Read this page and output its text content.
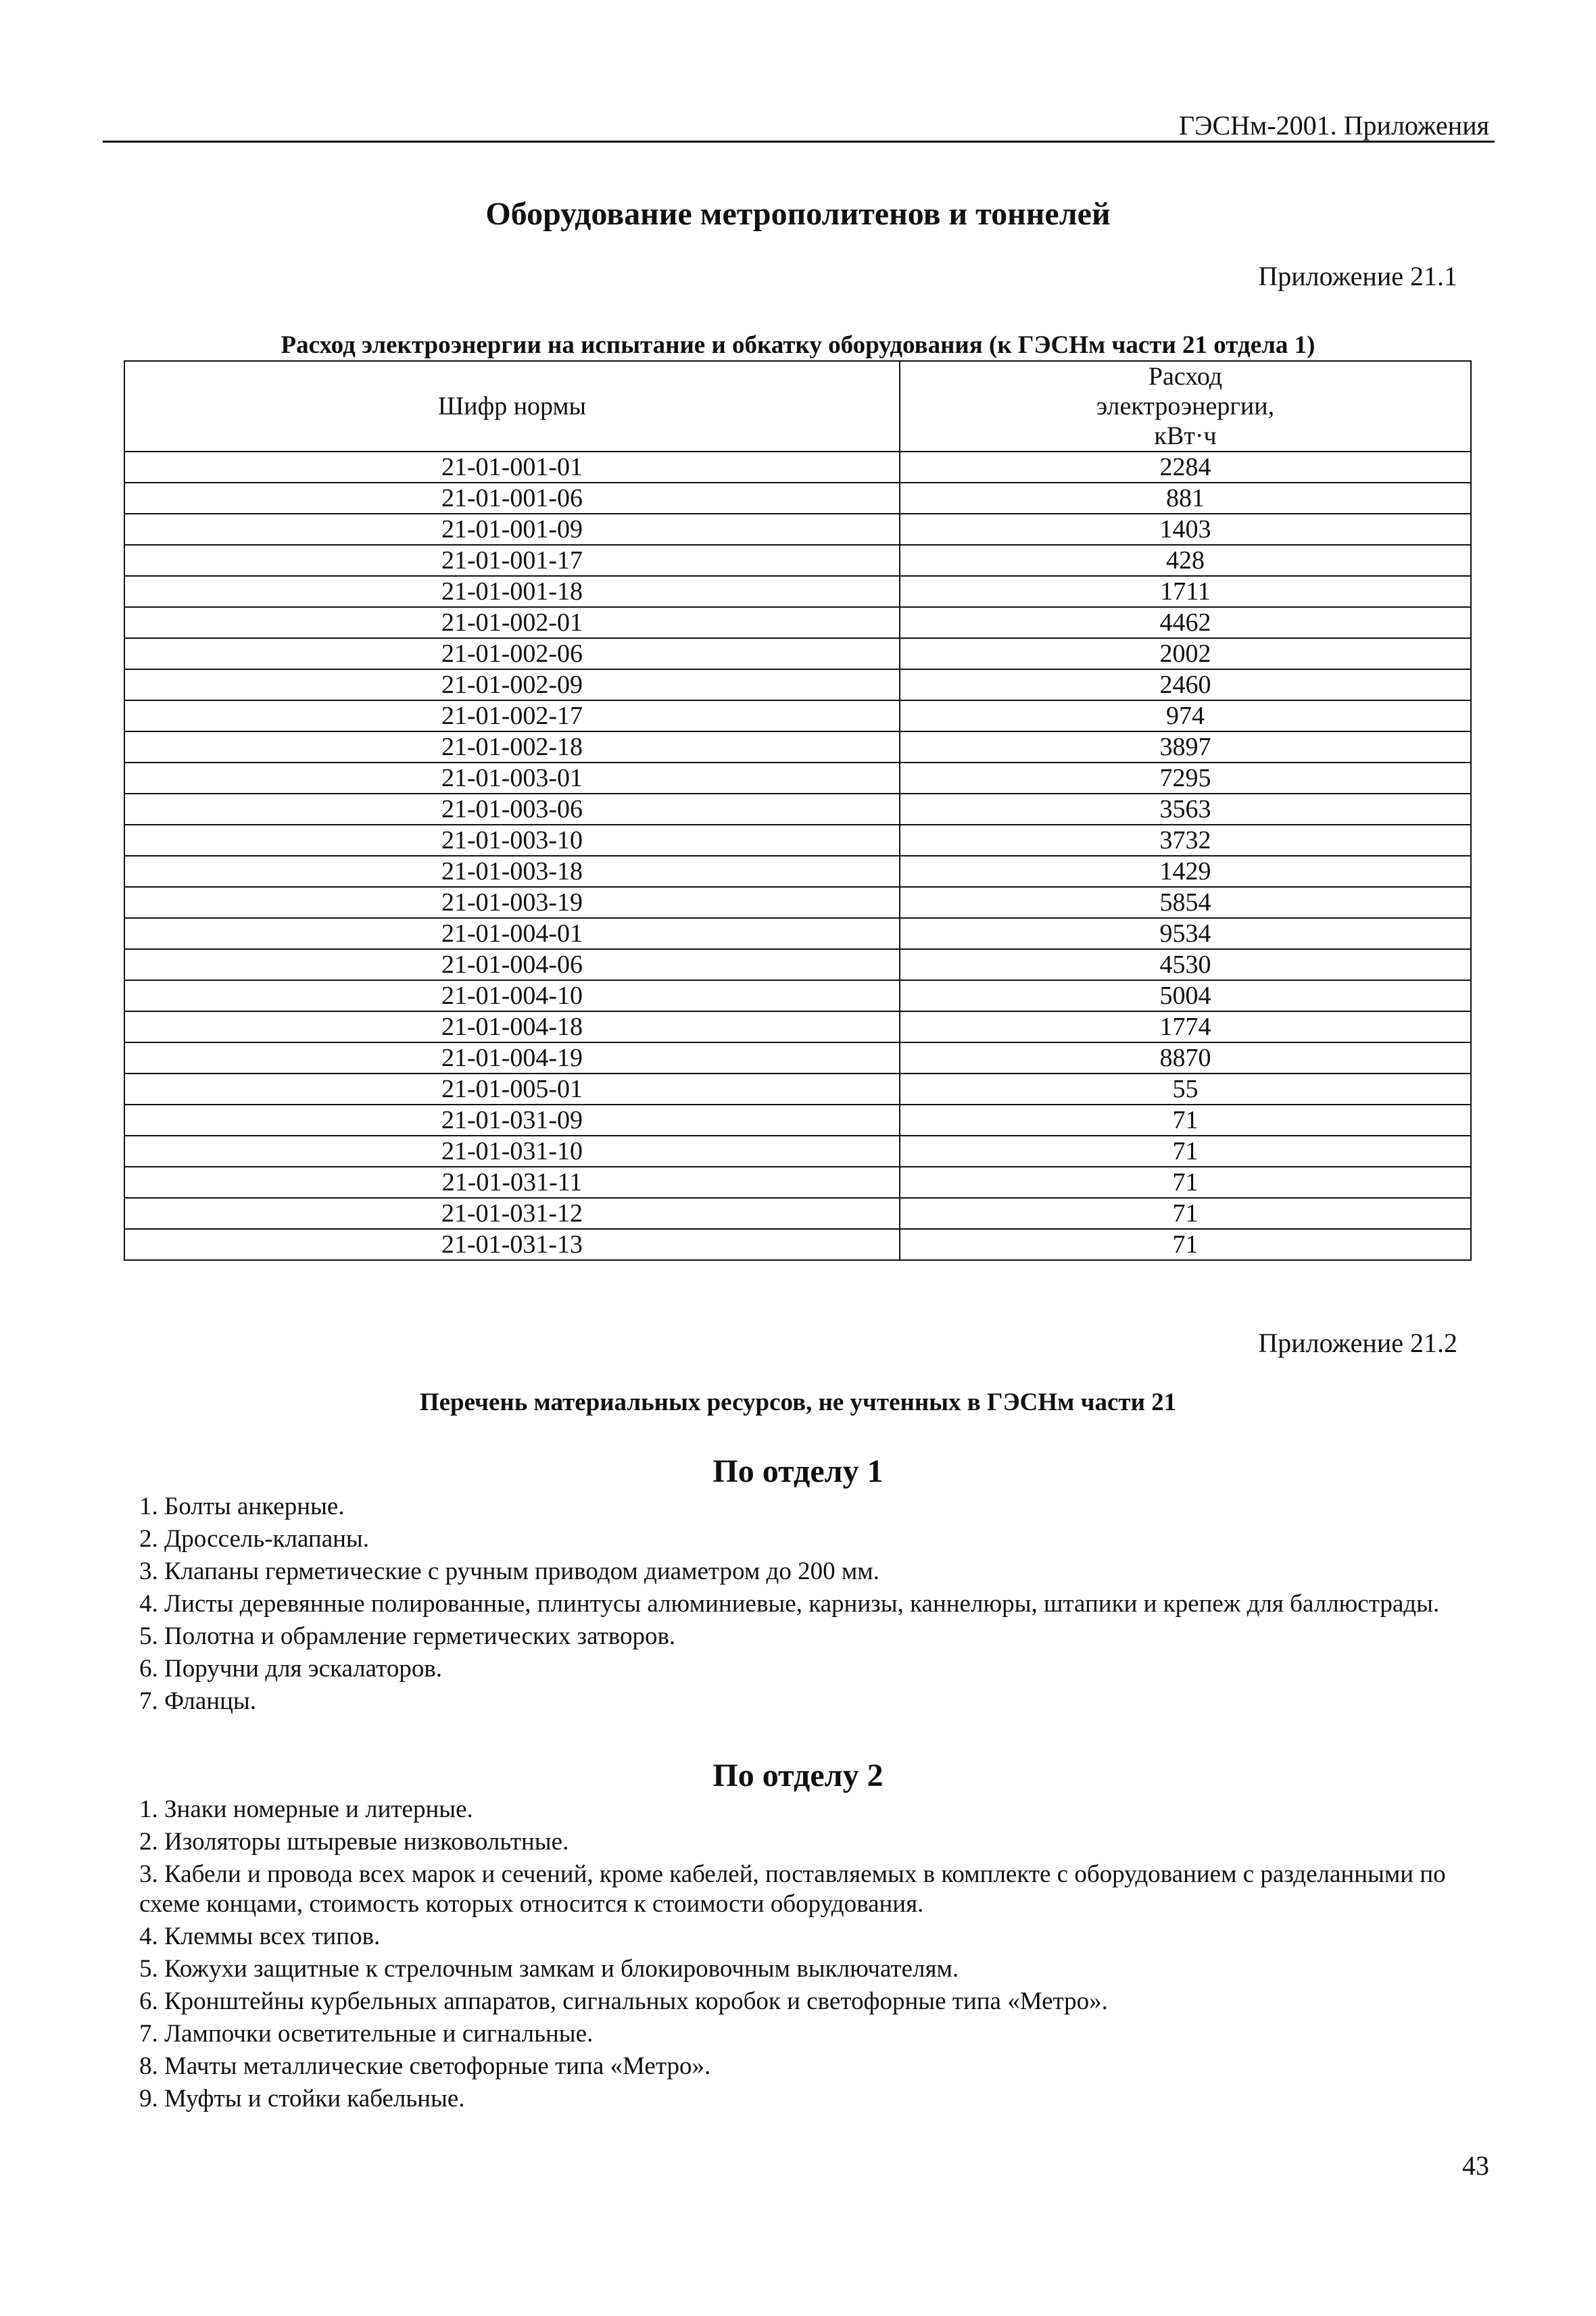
ГЭСНм-2001. Приложения
Оборудование метрополитенов и тоннелей
Приложение 21.1
Расход электроэнергии на испытание и обкатку оборудования (к ГЭСНм части 21 отдела 1)
Шифр нормы	Расход электроэнергии, кВт·ч
21-01-001-01	2284
21-01-001-06	881
21-01-001-09	1403
21-01-001-17	428
21-01-001-18	1711
21-01-002-01	4462
21-01-002-06	2002
21-01-002-09	2460
21-01-002-17	974
21-01-002-18	3897
21-01-003-01	7295
21-01-003-06	3563
21-01-003-10	3732
21-01-003-18	1429
21-01-003-19	5854
21-01-004-01	9534
21-01-004-06	4530
21-01-004-10	5004
21-01-004-18	1774
21-01-004-19	8870
21-01-005-01	55
21-01-031-09	71
21-01-031-10	71
21-01-031-11	71
21-01-031-12	71
21-01-031-13	71
Приложение 21.2
Перечень материальных ресурсов, не учтенных в ГЭСНм части 21
По отделу 1
1. Болты анкерные.
2. Дроссель-клапаны.
3. Клапаны герметические с ручным приводом диаметром до 200 мм.
4. Листы деревянные полированные, плинтусы алюминиевые, карнизы, каннелюры, штапики и крепеж для баллюстрады.
5. Полотна и обрамление герметических затворов.
6. Поручни для эскалаторов.
7. Фланцы.
По отделу 2
1. Знаки номерные и литерные.
2. Изоляторы штыревые низковольтные.
3. Кабели и провода всех марок и сечений, кроме кабелей, поставляемых в комплекте с оборудованием с разделанными по схеме концами, стоимость которых относится к стоимости оборудования.
4. Клеммы всех типов.
5. Кожухи защитные к стрелочным замкам и блокировочным выключателям.
6. Кронштейны курбельных аппаратов, сигнальных коробок и светофорные типа «Метро».
7. Лампочки осветительные и сигнальные.
8. Мачты металлические светофорные типа «Метро».
9. Муфты и стойки кабельные.
43
